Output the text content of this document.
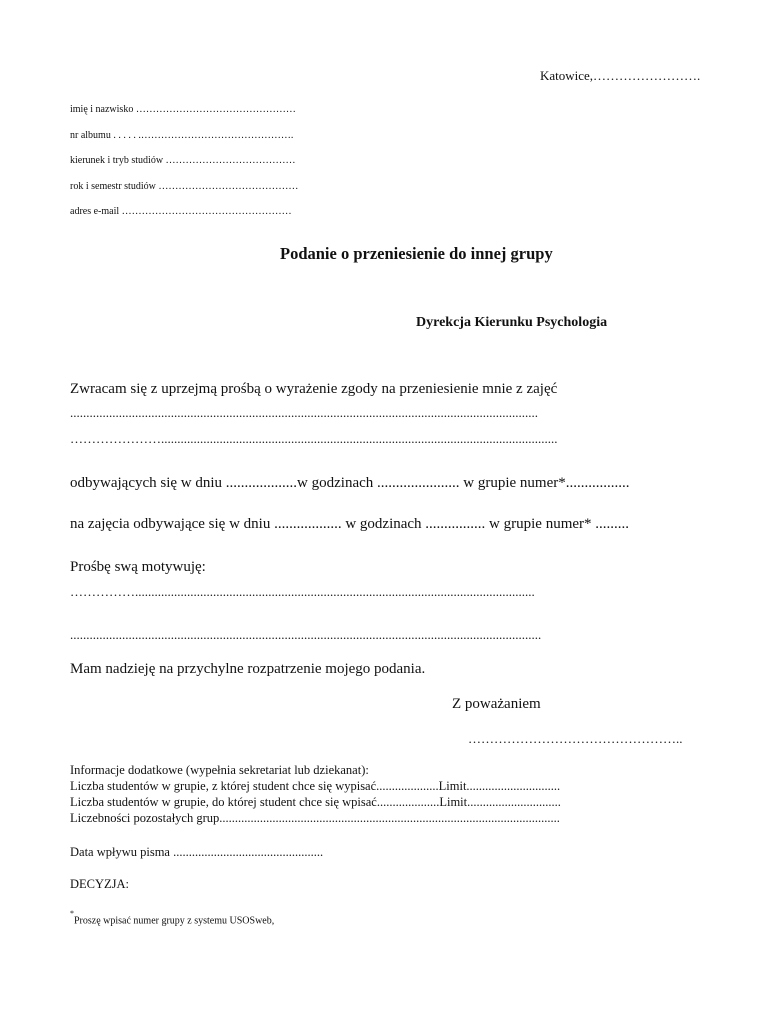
Katowice,…………………….
imię i nazwisko …………………………………………
nr albumu . . . . . .……………………………………….
kierunek i tryb studiów …………………………………
rok i semestr studiów ……………………………………
adres e-mail ……………………………………………
Podanie o przeniesienie do innej grupy
Dyrekcja Kierunku Psychologia
Zwracam się z uprzejmą prośbą o wyrażenie zgody na przeniesienie mnie z zajęć
................................................................................................................................................
…………………..........................................................................................................................
odbywających się w dniu ...................w godzinach ...................... w grupie numer*.................
na zajęcia odbywające się w dniu .................. w godzinach ................ w grupie numer* .........
Prośbę swą motywuję:
……………...........................................................................................................................
.................................................................................................................................................
Mam nadzieję na przychylne rozpatrzenie mojego podania.
Z poważaniem
…………………………………………..
Informacje dodatkowe (wypełnia sekretariat lub dziekanat):
Liczba studentów w grupie, z której student chce się wypisać....................Limit..............................
Liczba studentów w grupie, do której student chce się wpisać....................Limit..............................
Liczebności pozostałych grup.............................................................................................................
Data wpływu pisma ................................................
DECYZJA:
*Proszę wpisać numer grupy z systemu USOSweb,
